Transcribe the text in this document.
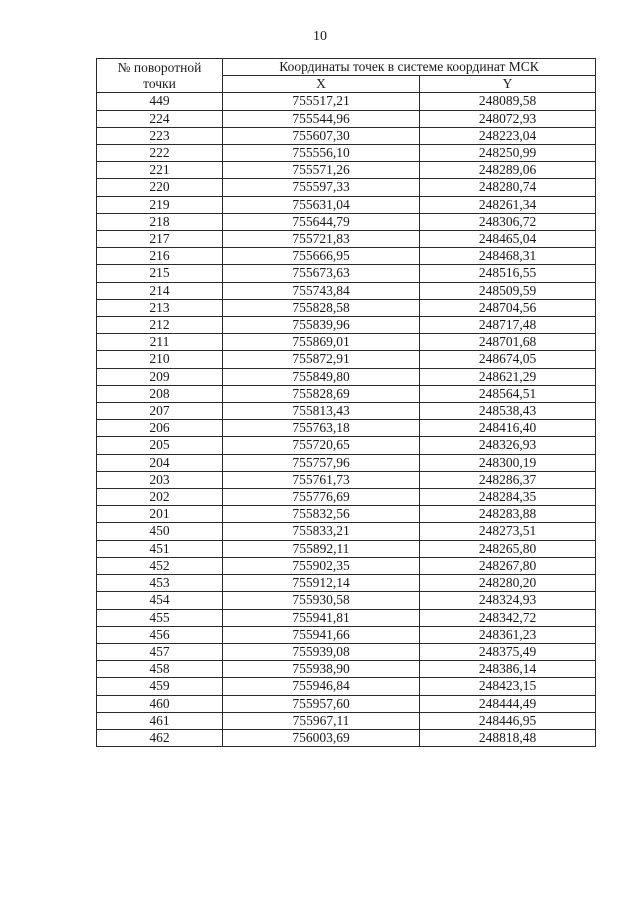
10
№ поворотной
точки	Координаты точек в системе координат МСК	
	X	Y
449	755517,21	248089,58
224	755544,96	248072,93
223	755607,30	248223,04
222	755556,10	248250,99
221	755571,26	248289,06
220	755597,33	248280,74
219	755631,04	248261,34
218	755644,79	248306,72
217	755721,83	248465,04
216	755666,95	248468,31
215	755673,63	248516,55
214	755743,84	248509,59
213	755828,58	248704,56
212	755839,96	248717,48
211	755869,01	248701,68
210	755872,91	248674,05
209	755849,80	248621,29
208	755828,69	248564,51
207	755813,43	248538,43
206	755763,18	248416,40
205	755720,65	248326,93
204	755757,96	248300,19
203	755761,73	248286,37
202	755776,69	248284,35
201	755832,56	248283,88
450	755833,21	248273,51
451	755892,11	248265,80
452	755902,35	248267,80
453	755912,14	248280,20
454	755930,58	248324,93
455	755941,81	248342,72
456	755941,66	248361,23
457	755939,08	248375,49
458	755938,90	248386,14
459	755946,84	248423,15
460	755957,60	248444,49
461	755967,11	248446,95
462	756003,69	248818,48
